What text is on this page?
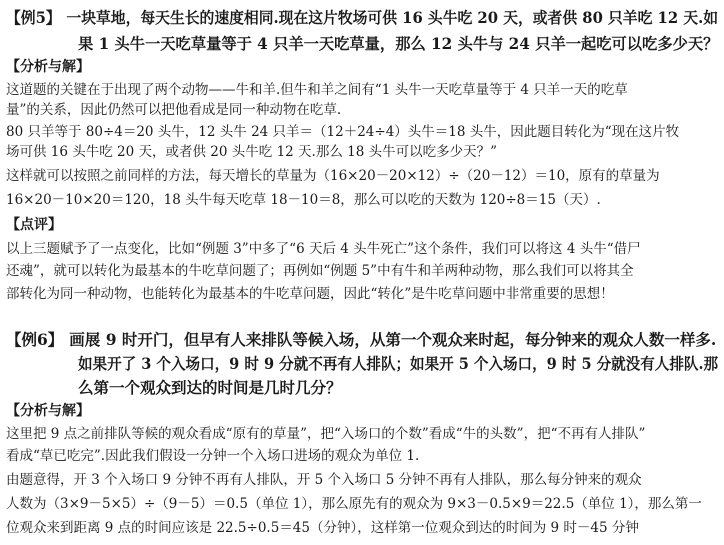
【例5】 一块草地，每天生长的速度相同.现在这片牧场可供 16 头牛吃 20 天，或者供 80 只羊吃 12 天.如
果 1 头牛一天吃草量等于 4 只羊一天吃草量，那么 12 头牛与 24 只羊一起吃可以吃多少天？
【分析与解】
这道题的关键在于出现了两个动物——牛和羊.但牛和羊之间有“1 头牛一天吃草量等于 4 只羊一天的吃草
量”的关系，因此仍然可以把他看成是同一种动物在吃草.
80 只羊等于 80÷4＝20 头牛，12 头牛 24 只羊＝（12＋24÷4）头牛＝18 头牛，因此题目转化为“现在这片牧
场可供 16 头牛吃 20 天，或者供 20 头牛吃 12 天.那么 18 头牛可以吃多少天？”
这样就可以按照之前同样的方法，每天增长的草量为（16×20－20×12）÷（20－12）＝10，原有的草量为
16×20－10×20＝120，18 头牛每天吃草 18－10＝8，那么可以吃的天数为 120÷8＝15（天）.
【点评】
以上三题赋予了一点变化，比如“例题 3”中多了“6 天后 4 头牛死亡”这个条件，我们可以将这 4 头牛“借尸
还魂”，就可以转化为最基本的牛吃草问题了；再例如“例题 5”中有牛和羊两种动物，那么我们可以将其全
部转化为同一种动物，也能转化为最基本的牛吃草问题，因此“转化”是牛吃草问题中非常重要的思想！
【例6】 画展 9 时开门，但早有人来排队等候入场，从第一个观众来时起，每分钟来的观众人数一样多.
如果开了 3 个入场口，9 时 9 分就不再有人排队；如果开 5 个入场口，9 时 5 分就没有人排队.那
么第一个观众到达的时间是几时几分？
【分析与解】
这里把 9 点之前排队等候的观众看成“原有的草量”，把“入场口的个数”看成“牛的头数”，把“不再有人排队”
看成“草已吃完”.因此我们假设一分钟一个入场口进场的观众为单位 1.
由题意得，开 3 个入场口 9 分钟不再有人排队，开 5 个入场口 5 分钟不再有人排队，那么每分钟来的观众
人数为（3×9－5×5）÷（9－5）＝0.5（单位 1），那么原先有的观众为 9×3－0.5×9＝22.5（单位 1），那么第一
位观众来到距离 9 点的时间应该是 22.5÷0.5＝45（分钟），这样第一位观众到达的时间为 9 时－45 分钟
